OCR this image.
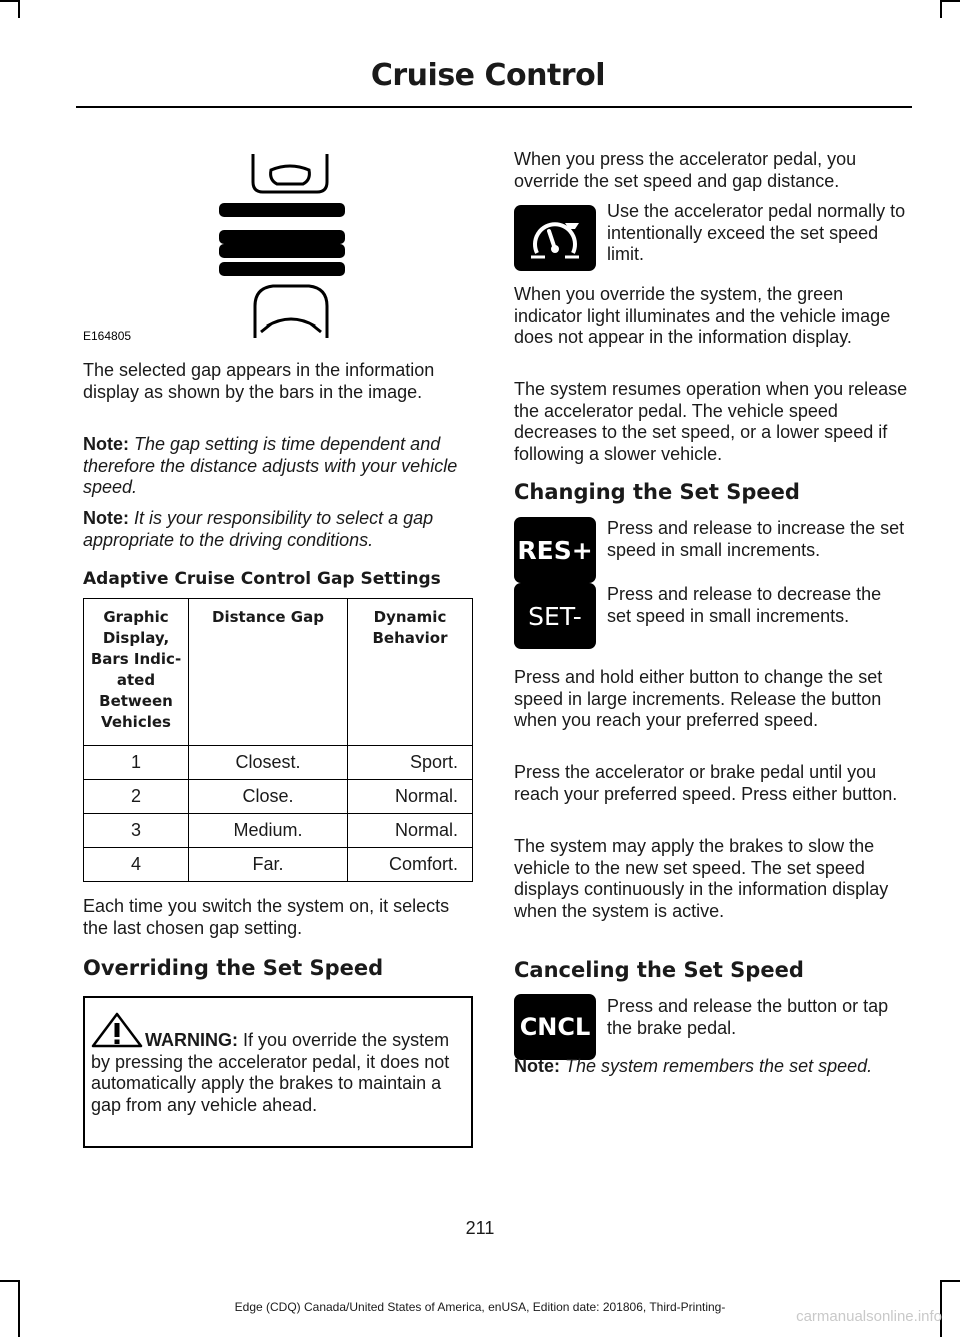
Cruise Control
E164805

The selected gap appears in the information display as shown by the bars in the image.

Note: The gap setting is time dependent and therefore the distance adjusts with your vehicle speed.

Note: It is your responsibility to select a gap appropriate to the driving conditions.

Adaptive Cruise Control Gap Settings
Graphic Display, Bars Indic- ated Between Vehicles	Distance Gap	Dynamic Behavior
1	Closest.	Sport.
2	Close.	Normal.
3	Medium.	Normal.
4	Far.	Comfort.

Each time you switch the system on, it selects the last chosen gap setting.

Overriding the Set Speed

WARNING: If you override the system by pressing the accelerator pedal, it does not automatically apply the brakes to maintain a gap from any vehicle ahead.

When you press the accelerator pedal, you override the set speed and gap distance.

Use the accelerator pedal normally to intentionally exceed the set speed limit.

When you override the system, the green indicator light illuminates and the vehicle image does not appear in the information display.

The system resumes operation when you release the accelerator pedal. The vehicle speed decreases to the set speed, or a lower speed if following a slower vehicle.

Changing the Set Speed
RES+

Press and release to increase the set speed in small increments.

SET-

Press and release to decrease the set speed in small increments.

Press and hold either button to change the set speed in large increments. Release the button when you reach your preferred speed.

Press the accelerator or brake pedal until you reach your preferred speed. Press either button.

The system may apply the brakes to slow the vehicle to the new set speed. The set speed displays continuously in the information display when the system is active.

Canceling the Set Speed
CNCL

Press and release the button or tap the brake pedal.

Note: The system remembers the set speed.

211
Edge (CDQ) Canada/United States of America, enUSA, Edition date: 201806, Third-Printing-
carmanualsonline.info
